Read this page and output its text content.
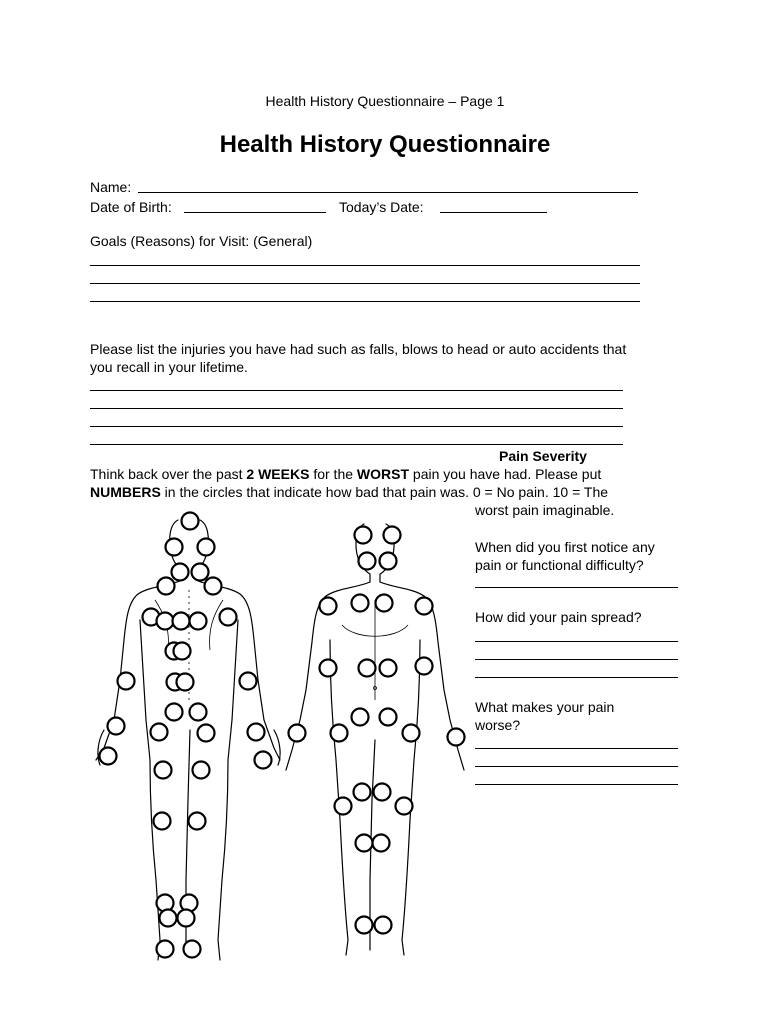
Health History Questionnaire – Page 1
Health History Questionnaire
Name:
Date of Birth:	Today’s Date:
Goals (Reasons) for Visit: (General)
Please list the injuries you have had such as falls, blows to head or auto accidents that
you recall in your lifetime.
Pain Severity
Think back over the past 2 WEEKS for the WORST pain you have had. Please put
NUMBERS in the circles that indicate how bad that pain was. 0 = No pain. 10 = The
worst pain imaginable.
When did you first notice any
pain or functional difficulty?
How did your pain spread?
What makes your pain
worse?
